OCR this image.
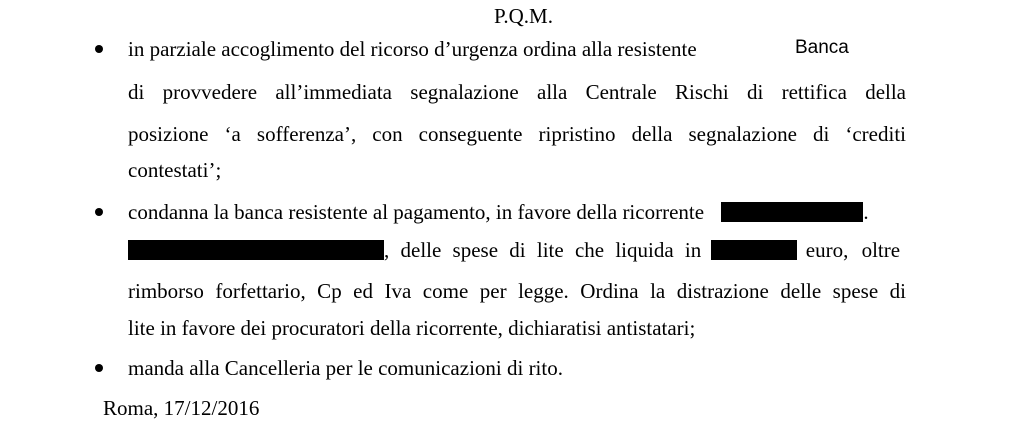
P.Q.M.
in parziale accoglimento del ricorso d’urgenza ordina alla resistente	Banca
di provvedere all’immediata segnalazione alla Centrale Rischi di rettifica della
posizione ‘a sofferenza’, con conseguente ripristino della segnalazione di ‘crediti
contestati’;
condanna la banca resistente al pagamento, in favore della ricorrente	.
, delle spese di lite che liquida in	euro, oltre
rimborso forfettario, Cp ed Iva come per legge. Ordina la distrazione delle spese di
lite in favore dei procuratori della ricorrente, dichiaratisi antistatari;
manda alla Cancelleria per le comunicazioni di rito.
Roma, 17/12/2016
